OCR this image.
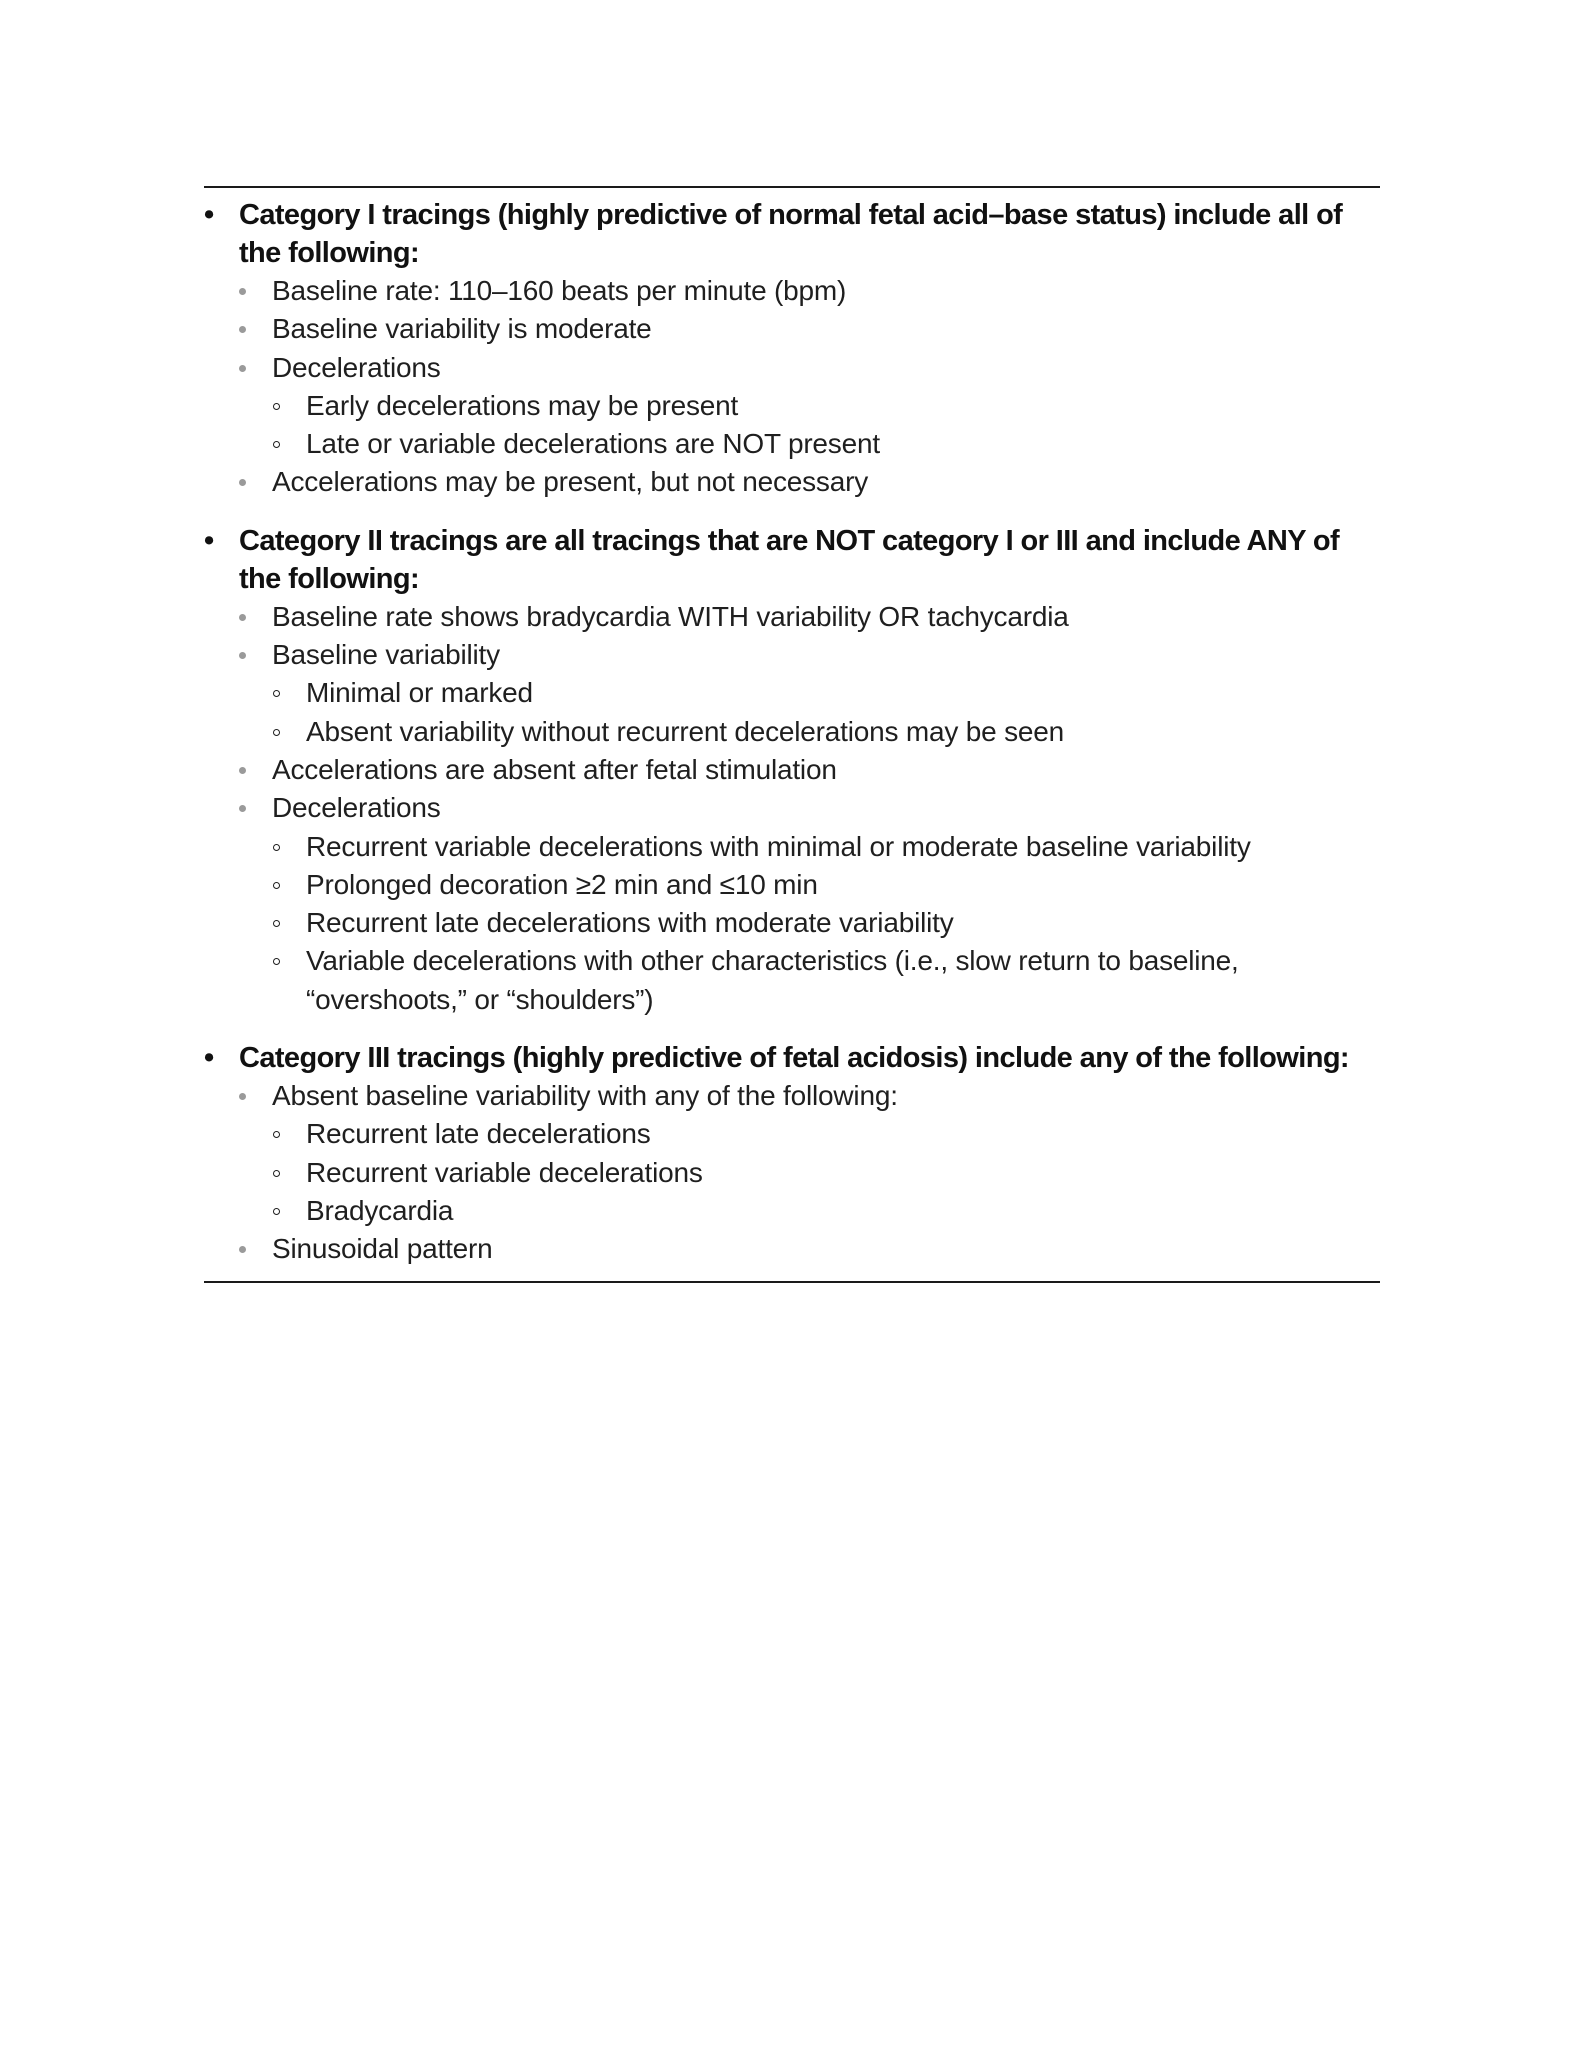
• Category I tracings (highly predictive of normal fetal acid–base status) include all of the following:
Baseline rate: 110–160 beats per minute (bpm)
Baseline variability is moderate
Decelerations
Early decelerations may be present
Late or variable decelerations are NOT present
Accelerations may be present, but not necessary
• Category II tracings are all tracings that are NOT category I or III and include ANY of the following:
Baseline rate shows bradycardia WITH variability OR tachycardia
Baseline variability
Minimal or marked
Absent variability without recurrent decelerations may be seen
Accelerations are absent after fetal stimulation
Decelerations
Recurrent variable decelerations with minimal or moderate baseline variability
Prolonged decoration ≥2 min and ≤10 min
Recurrent late decelerations with moderate variability
Variable decelerations with other characteristics (i.e., slow return to baseline, “overshoots,” or “shoulders”)
• Category III tracings (highly predictive of fetal acidosis) include any of the following:
Absent baseline variability with any of the following:
Recurrent late decelerations
Recurrent variable decelerations
Bradycardia
Sinusoidal pattern
